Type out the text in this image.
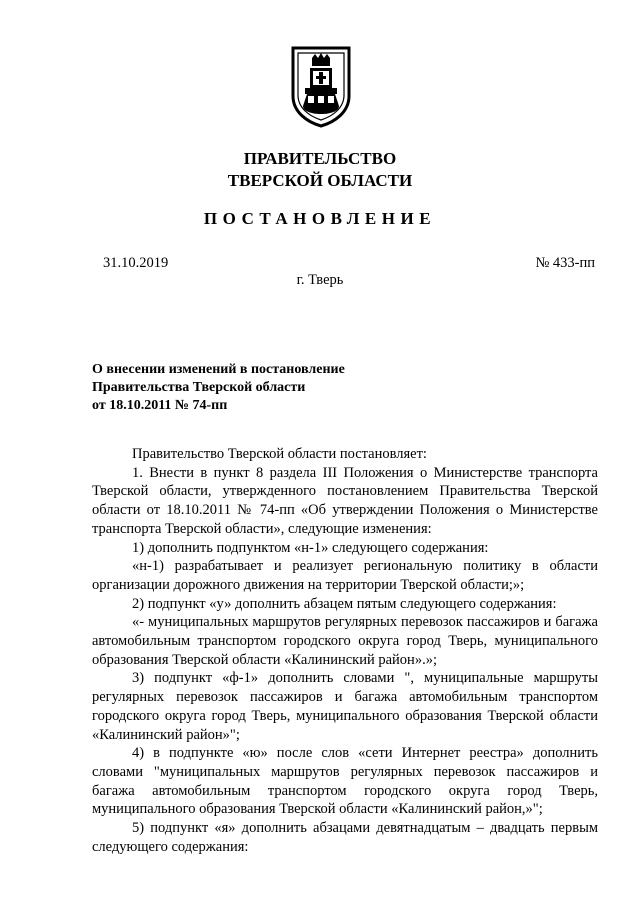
ПРАВИТЕЛЬСТВО
ТВЕРСКОЙ ОБЛАСТИ
ПОСТАНОВЛЕНИЕ
31.10.2019	№ 433-пп
г. Тверь
О внесении изменений в постановление
Правительства Тверской области
от 18.10.2011 № 74-пп

Правительство Тверской области постановляет:

1. Внести в пункт 8 раздела III Положения о Министерстве транспорта Тверской области, утвержденного постановлением Правительства Тверской области от 18.10.2011 № 74-пп «Об утверждении Положения о Министерстве транспорта Тверской области», следующие изменения:

1) дополнить подпунктом «н-1» следующего содержания:

«н-1) разрабатывает и реализует региональную политику в области организации дорожного движения на территории Тверской области;»;

2) подпункт «у» дополнить абзацем пятым следующего содержания:

«- муниципальных маршрутов регулярных перевозок пассажиров и багажа автомобильным транспортом городского округа город Тверь, муниципального образования Тверской области «Калининский район».»;

3) подпункт «ф-1» дополнить словами ", муниципальные маршруты регулярных перевозок пассажиров и багажа автомобильным транспортом городского округа город Тверь, муниципального образования Тверской области «Калининский район»";

4) в подпункте «ю» после слов «сети Интернет реестра» дополнить словами "муниципальных маршрутов регулярных перевозок пассажиров и багажа автомобильным транспортом городского округа город Тверь, муниципального образования Тверской области «Калининский район,»";

5) подпункт «я» дополнить абзацами девятнадцатым – двадцать первым следующего содержания:
